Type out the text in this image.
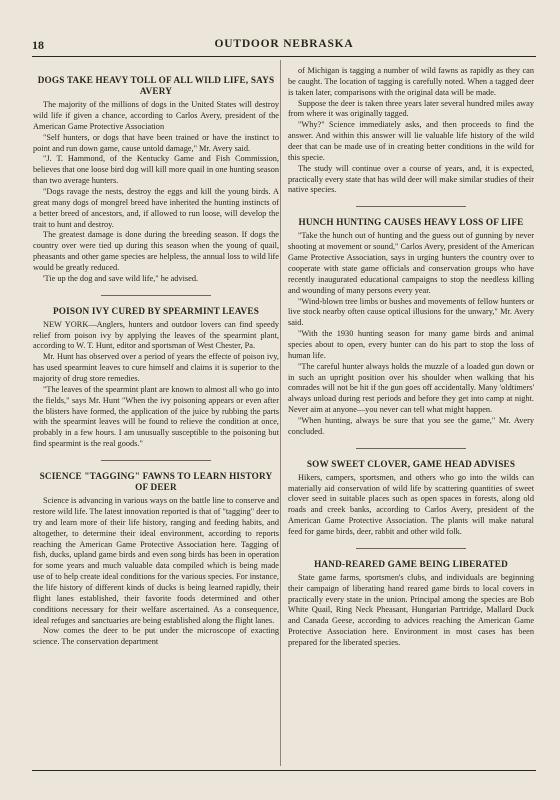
18	OUTDOOR NEBRASKA
DOGS TAKE HEAVY TOLL OF ALL WILD LIFE, SAYS AVERY

The majority of the millions of dogs in the United States will destroy wild life if given a chance, according to Carlos Avery, president of the American Game Protective Association

"Self hunters, or dogs that have been trained or have the instinct to point and run down game, cause untold damage," Mr. Avery said.

"J. T. Hammond, of the Kentucky Game and Fish Commission, believes that one loose bird dog will kill more quail in one hunting season than two average hunters.

"Dogs ravage the nests, destroy the eggs and kill the young birds. A great many dogs of mongrel breed have inherited the hunting instincts of a better breed of ancestors, and, if allowed to run loose, will develop the trait to hunt and destroy.

The greatest damage is done during the breeding season. If dogs the country over were tied up during this season when the young of quail, pheasants and other game species are helpless, the annual loss to wild life would be greatly reduced.

'Tie up the dog and save wild life," he advised.

POISON IVY CURED BY SPEARMINT LEAVES

NEW YORK—Anglers, hunters and outdoor lovers can find speedy relief from poison ivy by applying the leaves of the spearmint plant, according to W. T. Hunt, editor and sportsman of West Chester, Pa.

Mr. Hunt has observed over a period of years the effecte of poison ivy, has used spearmint leaves to cure himself and claims it is superior to the majority of drug store remedies.

"The leaves of the spearmint plant are known to almost all who go into the fields," says Mr. Hunt "When the ivy poisoning appears or even after the blisters have formed, the application of the juice by rubbing the parts with the spearmint leaves will be found to relieve the condition at once, probably in a few hours. I am unusually susceptible to the poisoning but find spearmint is the real goods."

SCIENCE "TAGGING" FAWNS TO LEARN HISTORY OF DEER

Science is advancing in various ways on the battle line to conserve and restore wild life. The latest innovation reported is that of "tagging" deer to try and learn more of their life history, ranging and feeding habits, and altogether, to determine their ideal environment, according to reports reaching the American Game Protective Association here. Tagging of fish, ducks, upland game birds and even song birds has been in operation for some years and much valuable data compiled which is being made use of to help create ideal conditions for the various species. For instance, the life history of different kinds of ducks is being learned rapidly, their flight lanes established, their favorite foods determined and other conditions necessary for their welfare ascertained. As a consequence, ideal refuges and sanctuaries are being established along the flight lanes.

Now comes the deer to be put under the microscope of exacting science. The conservation department

of Michigan is tagging a number of wild fawns as rapidly as they can be caught. The location of tagging is carefully noted. When a tagged deer is taken later, comparisons with the original data will be made.

Suppose the deer is taken three years later several hundred miles away from where it was originally tagged.

"Why?" Science immediately asks, and then proceeds to find the answer. And within this answer will lie valuable life history of the wild deer that can be made use of in creating better conditions in the wild for this specie.

The study will continue over a course of years, and, it is expected, practically every state that has wild deer will make similar studies of their native species.

HUNCH HUNTING CAUSES HEAVY LOSS OF LIFE

"Take the hunch out of hunting and the guess out of gunning by never shooting at movement or sound," Carlos Avery, president of the American Game Protective Association, says in urging hunters the country over to cooperate with state game officials and conservation groups who have recently inaugurated educational campaigns to stop the needless killing and wounding of many persons every year.

"Wind-blown tree limbs or bushes and movements of fellow hunters or live stock nearby often cause optical illusions for the unwary," Mr. Avery said.

"With the 1930 hunting season for many game birds and animal species about to open, every hunter can do his part to stop the loss of human life.

"The careful hunter always holds the muzzle of a loaded gun down or in such an upright position over his shoulder when walking that his comrades will not be hit if the gun goes off accidentally. Many 'oldtimers' always unload during rest periods and before they get into camp at night. Never aim at anyone—you never can tell what might happen.

"When hunting, always be sure that you see the game," Mr. Avery concluded.

SOW SWEET CLOVER, GAME HEAD ADVISES

Hikers, campers, sportsmen, and others who go into the wilds can materially aid conservation of wild life by scattering quantities of sweet clover seed in suitable places such as open spaces in forests, along old roads and creek banks, according to Carlos Avery, president of the American Game Protective Association. The plants will make natural feed for game birds, deer, rabbit and other wild folk.

HAND-REARED GAME BEING LIBERATED

State game farms, sportsmen's clubs, and individuals are beginning their campaign of liberating hand reared game birds to local covers in practically every state in the union. Principal among the species are Bob White Quail, Ring Neck Pheasant, Hungarian Partridge, Mallard Duck and Canada Geese, according to advices reaching the American Game Protective Association here. Environment in most cases has been prepared for the liberated species.
